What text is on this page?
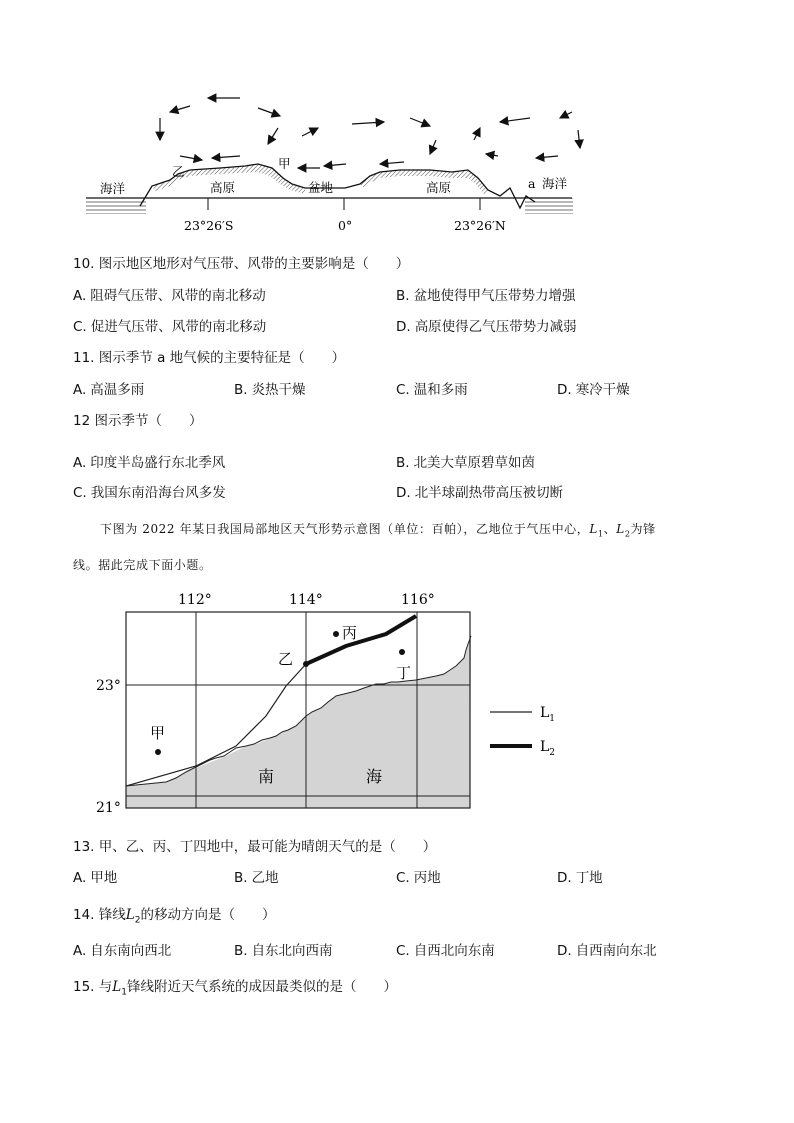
乙
甲
a
海洋	高原	盆地	高原	海洋
23°26′S	0°	23°26′N
10. 图示地区地形对气压带、风带的主要影响是（　　）
A. 阻碍气压带、风带的南北移动	B. 盆地使得甲气压带势力增强
C. 促进气压带、风带的南北移动	D. 高原使得乙气压带势力减弱
11. 图示季节 a 地气候的主要特征是（　　）
A. 高温多雨	B. 炎热干燥	C. 温和多雨	D. 寒冷干燥
12 图示季节（　　）
A. 印度半岛盛行东北季风	B. 北美大草原碧草如茵
C. 我国东南沿海台风多发	D. 北半球副热带高压被切断
下图为 2022 年某日我国局部地区天气形势示意图（单位：百帕），乙地位于气压中心，$L_1$、$L_2$为锋
线。据此完成下面小题。
112°	114°	116°
23°
21°
甲
乙
丙
丁
南	海
$L_1$
$L_2$
13. 甲、乙、丙、丁四地中，最可能为晴朗天气的是（　　）
A. 甲地	B. 乙地	C. 丙地	D. 丁地
14. 锋线$L_2$的移动方向是（　　）
A. 自东南向西北	B. 自东北向西南	C. 自西北向东南	D. 自西南向东北
15. 与$L_1$锋线附近天气系统的成因最类似的是（　　）
